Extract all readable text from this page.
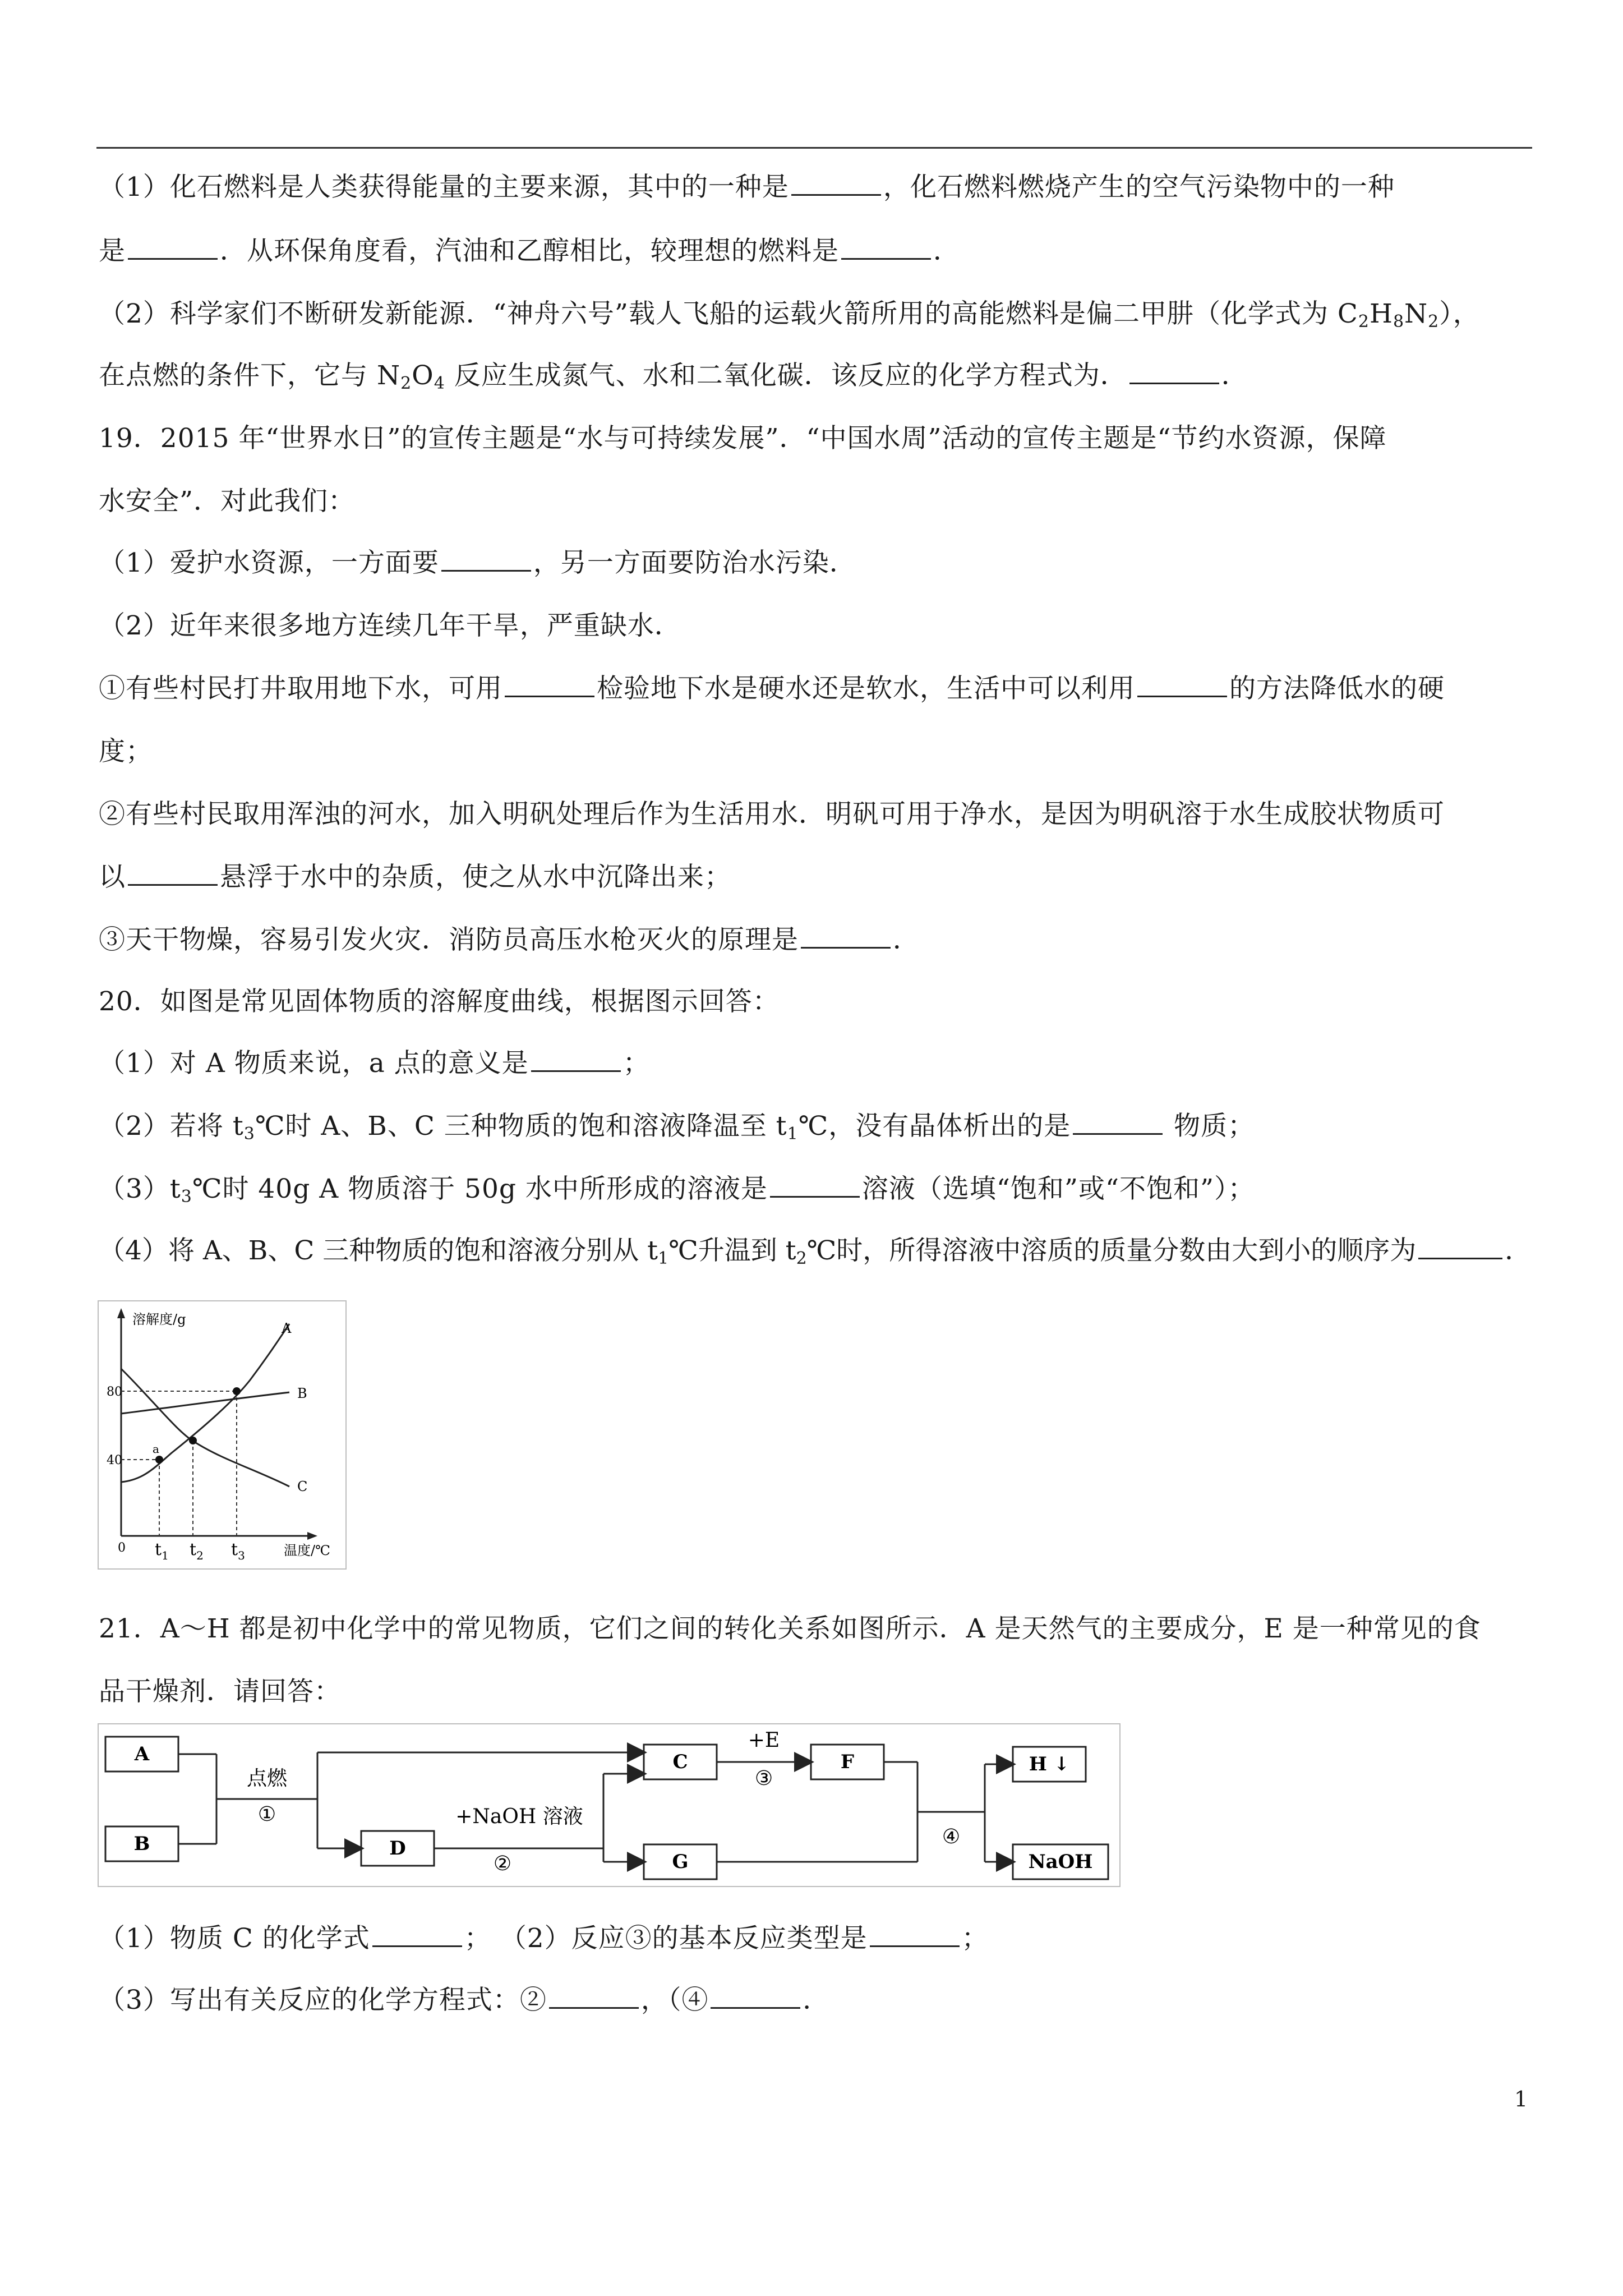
（1）化石燃料是人类获得能量的主要来源，其中的一种是	，化石燃料燃烧产生的空气污染物中的一种
是	．从环保角度看，汽油和乙醇相比，较理想的燃料是	．
（2）科学家们不断研发新能源．“神舟六号”载人飞船的运载火箭所用的高能燃料是偏二甲肼（化学式为 $C_2H_8N_2$），
在点燃的条件下，它与 $N_2O_4$ 反应生成氮气、水和二氧化碳．该反应的化学方程式为．	．
19．2015 年“世界水日”的宣传主题是“水与可持续发展”．“中国水周”活动的宣传主题是“节约水资源，保障
水安全”．对此我们：
（1）爱护水资源，一方面要	，另一方面要防治水污染．
（2）近年来很多地方连续几年干旱，严重缺水．
①有些村民打井取用地下水，可用	检验地下水是硬水还是软水，生活中可以利用	的方法降低水的硬
度；
②有些村民取用浑浊的河水，加入明矾处理后作为生活用水．明矾可用于净水，是因为明矾溶于水生成胶状物质可
以	悬浮于水中的杂质，使之从水中沉降出来；
③天干物燥，容易引发火灾．消防员高压水枪灭火的原理是	．
20．如图是常见固体物质的溶解度曲线，根据图示回答：
（1）对 A 物质来说，a 点的意义是	；
（2）若将 $t_3℃$时 A、B、C 三种物质的饱和溶液降温至 $t_1℃$，没有晶体析出的是	物质；
$(3)t_3℃$时 40g A 物质溶于 50g 水中所形成的溶液是	溶液（选填“饱和”或“不饱和”）；
（4）将 A、B、C 三种物质的饱和溶液分别从 $t_1℃$升温到 $t_2℃$时，所得溶液中溶质的质量分数由大到小的顺序为	．
溶解度/g
温度/℃
80
40
0 $t_1$ $t_2$ $t_3$
a
A
B
C
21．A～H 都是初中化学中的常见物质，它们之间的转化关系如图所示．A 是天然气的主要成分，E 是一种常见的食
品干燥剂．请回答：
A
B	D
C	F
G
H ↓
NaOH
点燃
①	+NaOH 溶液
②
+E
③
④
（1）物质 C 的化学式	； （2）反应③的基本反应类型是	；
（3）写出有关反应的化学方程式：②	，（④	．
1
